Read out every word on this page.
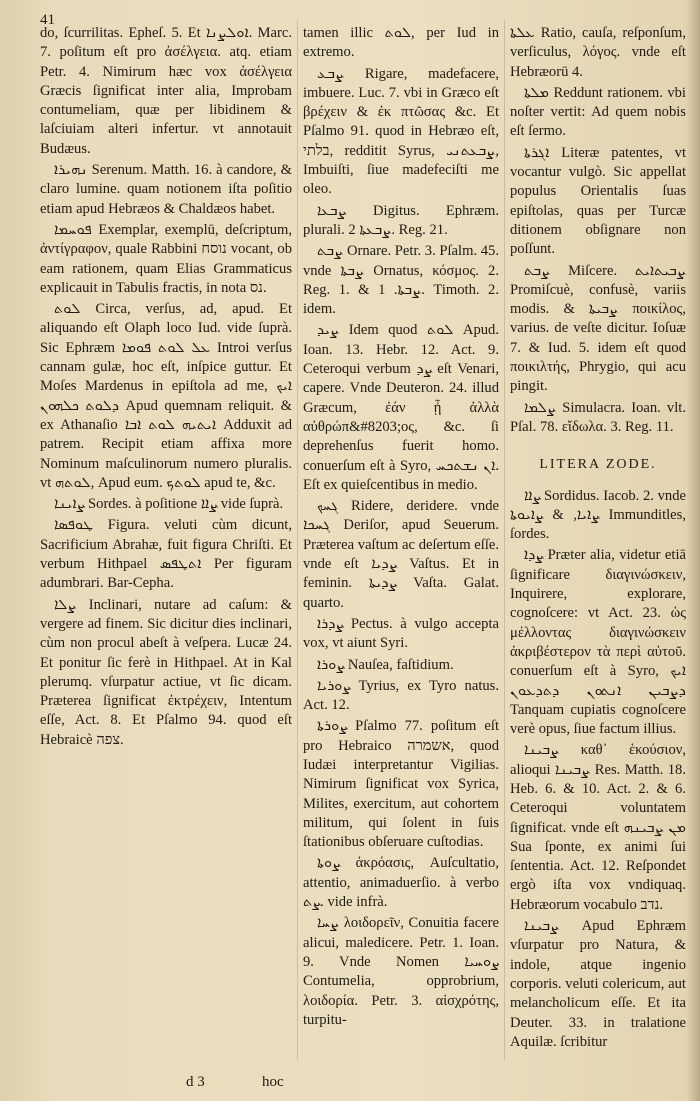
41

do, ſcurrilitas. Epheſ. 5. Et ܐܘܠܨܢܐ. Marc. 7. poſitum eſt pro ἀσέλγεια. atq. etiam Petr. 4. Nimirum hæc vox ἀσέλγεια Græcis ſignificat inter alia, Improbam contumeliam, quæ per libidinem & laſciuiam alteri infertur. vt annotauit Budæus.

ܢܗܝܪܐ Serenum. Matth. 16. à candore, & claro lumine. quam notionem iſta poſitio etiam apud Hebræos & Chaldæos habet.

ܦܘܚܡܐ Exemplar, exemplū, deſcriptum, ἀντίγραφον, quale Rabbini נוסח vocant, ob eam rationem, quam Elias Grammaticus explicauit in Tabulis fractis, in nota נס.

ܠܘܬ Circa, verſus, ad, apud. Et aliquando eſt Olaph loco Iud. vide ſuprà. Sic Ephræm ܥܠ ܠܘܬ ܦܘܡܐ Introi verſus cannam gulæ, hoc eſt, inſpice guttur. Et Moſes Mardenus in epiſtola ad me, ܐܝܟ ܕܠܘܬ ܟܠܗܘܢ Apud quemnam reliquit. & ex Athanaſio ܐܝܬܝܗ ܠܘܬ ܐܒܐ Adduxit ad patrem. Recipit etiam affixa more Nominum maſculinorum numero pluralis. vt ܠܘܬܗ, Apud eum. ܠܘܬܟ apud te, &c.

ܨܐܝܢܐ Sordes. à poſitione ܨܐܐ vide ſuprà.

ܛܘܦܣܐ Figura. veluti cùm dicunt, Sacrificium Abrahæ, fuit figura Chriſti. Et verbum Hithpael ܐܬܛܦܣ Per figuram adumbrari. Bar-Cepha.

ܨܠܐ Inclinari, nutare ad caſum: & vergere ad finem. Sic dicitur dies inclinari, cùm non procul abeſt à veſpera. Lucæ 24. Et ponitur ſic ferè in Hithpael. At in Kal plerumq. vſurpatur actiue, vt ſic dicam. Præterea ſignificat ἐκτρέχειν, Intentum eſſe, Act. 8. Et Pſalmo 94. quod eſt Hebraicè צפה.

tamen illic ܠܘܬ, per Iud in extremo.

ܨܒܥ Rigare, madefacere, imbuere. Luc. 7. vbi in Græco eſt βρέχειν & ἐκ πτῶσας &c. Et Pſalmo 91. quod in Hebræo eſt, בלתי, redditit Syrus, ܨܒܥܬܢܝ, Imbuiſti, ſiue madefeciſti me oleo.

ܨܒܥܐ Digitus. Ephræm. plurali. ܨܒܥܬܐ 2. Reg. 21.

ܨܒܬ Ornare. Petr. 3. Pſalm. 45. vnde ܨܒܬܐ Ornatus, κόσμος. 2. Reg. 1. & ܨܒܬܐ. 1. Timoth. 2. idem.

ܨܝܕ Idem quod ܠܘܬ Apud. Ioan. 13. Hebr. 12. Act. 9. Ceteroqui verbum ܨܕ eſt Venari, capere. Vnde Deuteron. 24. illud Græcum, ἐάν ᾖ ἀλλὰ αὐθρώπ&#8203;ος, &c. ſi deprehenſus fuerit homo. conuerſum eſt à Syro, ܐܢ ܢܫܬܟܚ. Eſt ex quieſcentibus in medio.

ܓܚܟ Ridere, deridere. vnde ܓܚܟܐ Deriſor, apud Seuerum. Præterea vaſtum ac deſertum eſſe. vnde eſt ܨܕܝܐ Vaſtus. Et in feminin. ܨܕܝܬܐ Vaſta. Galat. quarto.

ܨܕܪܐ Pectus. à vulgo accepta vox, vt aiunt Syri.

ܨܘܪܐ Nauſea, faſtidium.

ܨܘܪܝܐ Tyrius, ex Tyro natus. Act. 12.

ܨܘܪܬܐ Pſalmo 77. poſitum eſt pro Hebraico אשמרה, quod Iudæi interpretantur Vigilias. Nimirum ſignificat vox Syrica, Milites, exercitum, aut cohortem militum, qui ſolent in ſuis ſtationibus obſeruare cuſtodias.

ܨܘܬܐ ἀκρόασις, Auſcultatio, attentio, animaduerſio. à verbo ܨܬ. vide infrà.

ܨܚܐ λοιδορεῖν, Conuitia facere alicui, maledicere. Petr. 1. Ioan. 9. Vnde Nomen ܨܘܚܝܐ Contumelia, opprobrium, λοιδορία. Petr. 3. αἰσχρότης, turpitu-

ܥܠܬܐ Ratio, cauſa, reſponſum, verſiculus, λόγος. vnde eſt Hebræorū 4.

ܡܠܬܐ Reddunt rationem. vbi noſter vertit: Ad quem nobis eſt ſermo.

ܐܓܪܬܐ Literæ patentes, vt vocantur vulgò. Sic appellat populus Orientalis ſuas epiſtolas, quas per Turcæ ditionem obſignare non poſſunt.

ܨܒܬ Miſcere. ܨܒܝܬܐܝܬ Promiſcuè, confusè, variis modis. & ܨܒܝܬܐ ποικίλος, varius. de veſte dicitur. Ioſuæ 7. & Iud. 5. idem eſt quod ποικιλτής, Phrygio, qui acu pingit.

ܨܠܡܐ Simulacra. Ioan. vlt. Pſal. 78. εἴδωλα. 3. Reg. 11.

LITERA ZODE.

ܨܐܐ Sordidus. Iacob. 2. vnde ܨܐܝܐ, & ܨܐܝܘܬܐ Immunditles, ſordes.

ܨܕܐ Præter alia, videtur etiā ſignificare διαγινώσκειν, Inquirere, explorare, cognoſcere: vt Act. 23. ὡς μέλλοντας διαγινώσκειν ἀκριβέστερον τὰ περὶ αὐτοῦ. conuerſum eſt à Syro, ܐܝܟ ܕܨܒܝܢ ܐܢܬܘܢ ܕܬܕܥܘܢ Tanquam cupiatis cognoſcere verè opus, ſiue factum illius.

ܨܒܝܢܐ καθ᾽ ἑκούσιον, alioqui ܨܒܝܢܐ Res. Matth. 18. Heb. 6. & 10. Act. 2. & 6. Ceteroqui voluntatem ſignificat. vnde eſt ܡܢ ܨܒܝܢܗ Sua ſponte, ex animi ſui ſententia. Act. 12. Reſpondet ergò iſta vox vndiquaq. Hebræorum vocabulo נדב.

ܨܒܝܢܐ Apud Ephræm vſurpatur pro Natura, & indole, atque ingenio corporis. veluti colericum, aut melancholicum eſſe. Et ita Deuter. 33. in tralatione Aquilæ. ſcribitur

d 3	hoc
